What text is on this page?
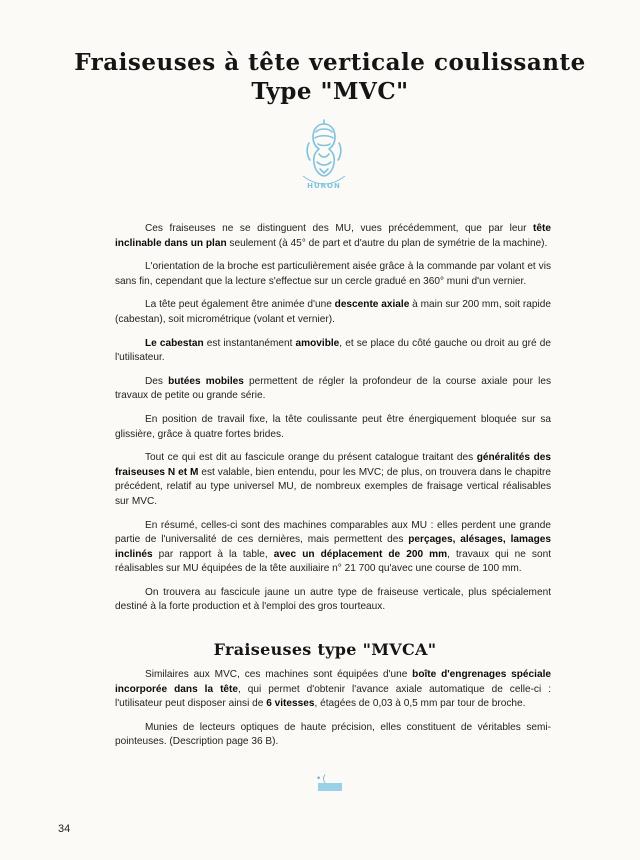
Fraiseuses à tête verticale coulissante
Type "MVC"
HURON

Ces fraiseuses ne se distinguent des MU, vues précédemment, que par leur tête inclinable dans un plan seulement (à 45° de part et d'autre du plan de symétrie de la machine).

L'orientation de la broche est particulièrement aisée grâce à la commande par volant et vis sans fin, cependant que la lecture s'effectue sur un cercle gradué en 360° muni d'un vernier.

La tête peut également être animée d'une descente axiale à main sur 200 mm, soit rapide (cabestan), soit micrométrique (volant et vernier).

Le cabestan est instantanément amovible, et se place du côté gauche ou droit au gré de l'utilisateur.

Des butées mobiles permettent de régler la profondeur de la course axiale pour les travaux de petite ou grande série.

En position de travail fixe, la tête coulissante peut être énergiquement bloquée sur sa glissière, grâce à quatre fortes brides.

Tout ce qui est dit au fascicule orange du présent catalogue traitant des généralités des fraiseuses N et M est valable, bien entendu, pour les MVC; de plus, on trouvera dans le chapitre précédent, relatif au type universel MU, de nombreux exemples de fraisage vertical réalisables sur MVC.

En résumé, celles-ci sont des machines comparables aux MU : elles perdent une grande partie de l'universalité de ces dernières, mais permettent des perçages, alésages, lamages inclinés par rapport à la table, avec un déplacement de 200 mm, travaux qui ne sont réalisables sur MU équipées de la tête auxiliaire n° 21 700 qu'avec une course de 100 mm.

On trouvera au fascicule jaune un autre type de fraiseuse verticale, plus spécialement destiné à la forte production et à l'emploi des gros tourteaux.

Fraiseuses type "MVCA"

Similaires aux MVC, ces machines sont équipées d'une boîte d'engrenages spéciale incorporée dans la tête, qui permet d'obtenir l'avance axiale automatique de celle-ci : l'utilisateur peut disposer ainsi de 6 vitesses, étagées de 0,03 à 0,5 mm par tour de broche.

Munies de lecteurs optiques de haute précision, elles constituent de véritables semi-pointeuses. (Description page 36 B).

• (
34
